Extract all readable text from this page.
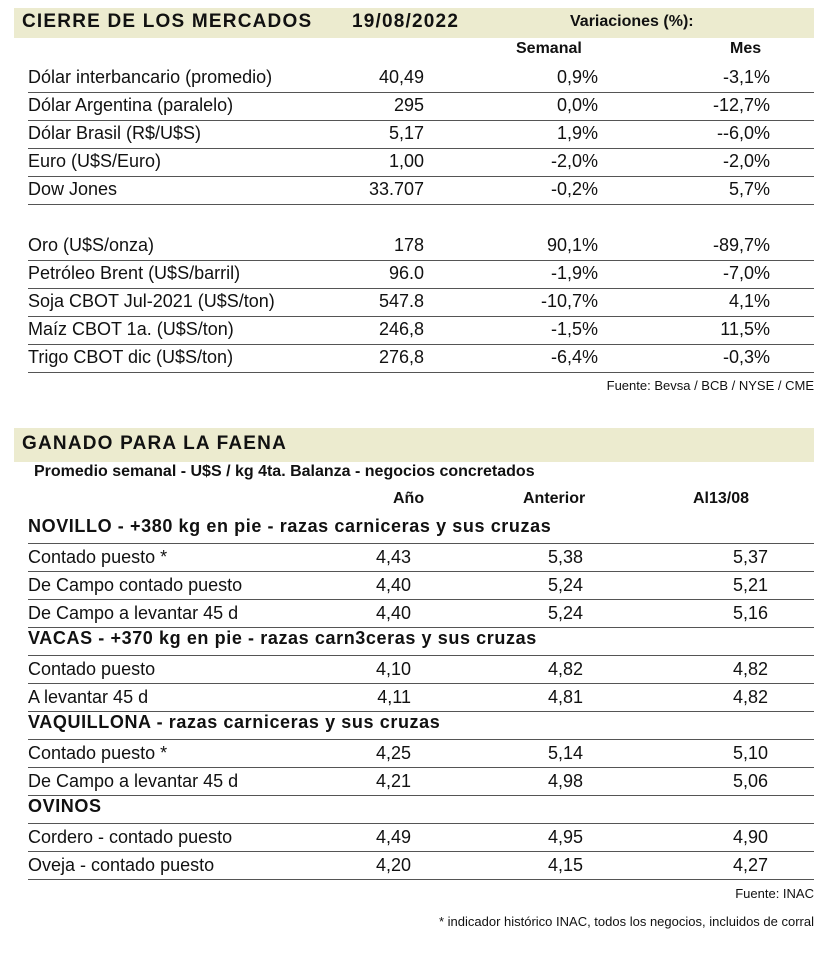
CIERRE DE LOS MERCADOS 19/08/2022	Variaciones (%):
Semanal	Mes
Dólar interbancario (promedio)	40,49	0,9%	-3,1%
Dólar Argentina (paralelo)	295	0,0%	-12,7%
Dólar Brasil (R$/U$S)	5,17	1,9%	--6,0%
Euro (U$S/Euro)	1,00	-2,0%	-2,0%
Dow Jones	33.707	-0,2%	5,7%
Oro (U$S/onza)	178	90,1%	-89,7%
Petróleo Brent (U$S/barril)	96.0	-1,9%	-7,0%
Soja CBOT Jul-2021 (U$S/ton)	547.8	-10,7%	4,1%
Maíz CBOT 1a. (U$S/ton)	246,8	-1,5%	11,5%
Trigo CBOT dic (U$S/ton)	276,8	-6,4%	-0,3%
Fuente: Bevsa / BCB / NYSE / CME
GANADO PARA LA FAENA
Promedio semanal - U$S / kg 4ta. Balanza - negocios concretados
Año	Anterior	Al13/08
NOVILLO - +380 kg en pie - razas carniceras y sus cruzas
Contado puesto *	4,43	5,38	5,37
De Campo contado puesto	4,40	5,24	5,21
De Campo a levantar 45 d	4,40	5,24	5,16
VACAS - +370 kg en pie - razas carn3ceras y sus cruzas
Contado puesto	4,10	4,82	4,82
A levantar 45 d	4,11	4,81	4,82
VAQUILLONA - razas carniceras y sus cruzas
Contado puesto *	4,25	5,14	5,10
De Campo a levantar 45 d	4,21	4,98	5,06
OVINOS
Cordero - contado puesto	4,49	4,95	4,90
Oveja - contado puesto	4,20	4,15	4,27
Fuente: INAC
* indicador histórico INAC, todos los negocios, incluidos de corral
